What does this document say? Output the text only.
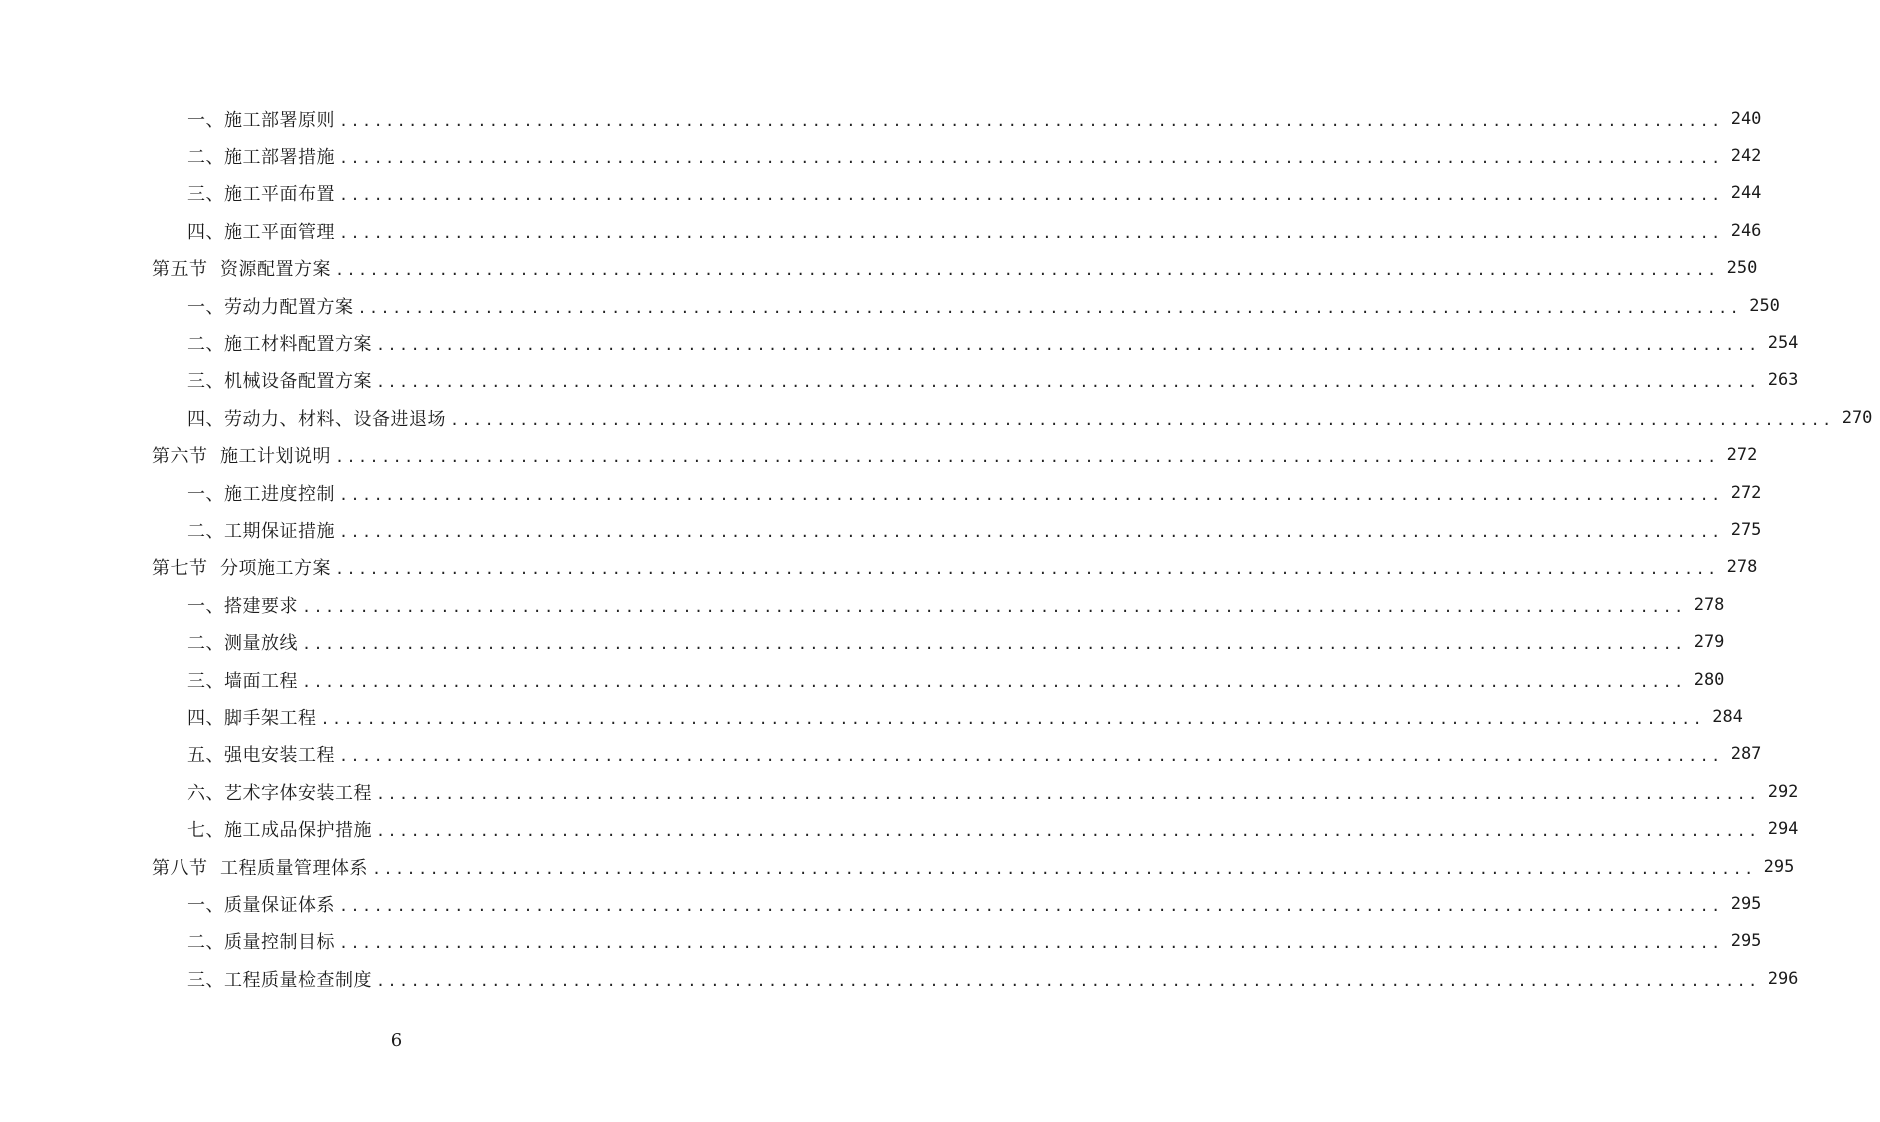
一、施工部署原则 ........................................................................................................................ 240
二、施工部署措施 ........................................................................................................................ 242
三、施工平面布置 ........................................................................................................................ 244
四、施工平面管理 ........................................................................................................................ 246
第五节  资源配置方案 ........................................................................................................................ 250
一、劳动力配置方案 ........................................................................................................................ 250
二、施工材料配置方案 ........................................................................................................................ 254
三、机械设备配置方案 ........................................................................................................................ 263
四、劳动力、材料、设备进退场 ........................................................................................................................ 270
第六节  施工计划说明 ........................................................................................................................ 272
一、施工进度控制 ........................................................................................................................ 272
二、工期保证措施 ........................................................................................................................ 275
第七节  分项施工方案 ........................................................................................................................ 278
一、搭建要求 ........................................................................................................................ 278
二、测量放线 ........................................................................................................................ 279
三、墙面工程 ........................................................................................................................ 280
四、脚手架工程 ........................................................................................................................ 284
五、强电安装工程 ........................................................................................................................ 287
六、艺术字体安装工程 ........................................................................................................................ 292
七、施工成品保护措施 ........................................................................................................................ 294
第八节  工程质量管理体系 ........................................................................................................................ 295
一、质量保证体系 ........................................................................................................................ 295
二、质量控制目标 ........................................................................................................................ 295
三、工程质量检查制度 ........................................................................................................................ 296
6
